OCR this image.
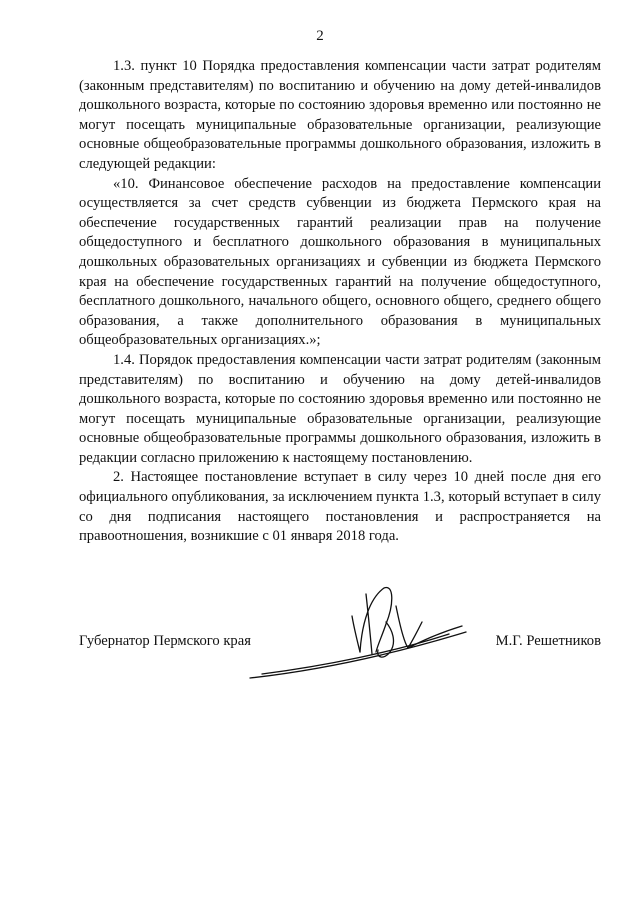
2

1.3. пункт 10 Порядка предоставления компенсации части затрат родителям (законным представителям) по воспитанию и обучению на дому детей-инвалидов дошкольного возраста, которые по состоянию здоровья временно или постоянно не могут посещать муниципальные образовательные организации, реализующие основные общеобразовательные программы дошкольного образования, изложить в следующей редакции:

«10. Финансовое обеспечение расходов на предоставление компенсации осуществляется за счет средств субвенции из бюджета Пермского края на обеспечение государственных гарантий реализации прав на получение общедоступного и бесплатного дошкольного образования в муниципальных дошкольных образовательных организациях и субвенции из бюджета Пермского края на обеспечение государственных гарантий на получение общедоступного, бесплатного дошкольного, начального общего, основного общего, среднего общего образования, а также дополнительного образования в муниципальных общеобразовательных организациях.»;

1.4. Порядок предоставления компенсации части затрат родителям (законным представителям) по воспитанию и обучению на дому детей-инвалидов дошкольного возраста, которые по состоянию здоровья временно или постоянно не могут посещать муниципальные образовательные организации, реализующие основные общеобразовательные программы дошкольного образования, изложить в редакции согласно приложению к настоящему постановлению.

2. Настоящее постановление вступает в силу через 10 дней после дня его официального опубликования, за исключением пункта 1.3, который вступает в силу со дня подписания настоящего постановления и распространяется на правоотношения, возникшие с 01 января 2018 года.

Губернатор Пермского края	М.Г. Решетников
